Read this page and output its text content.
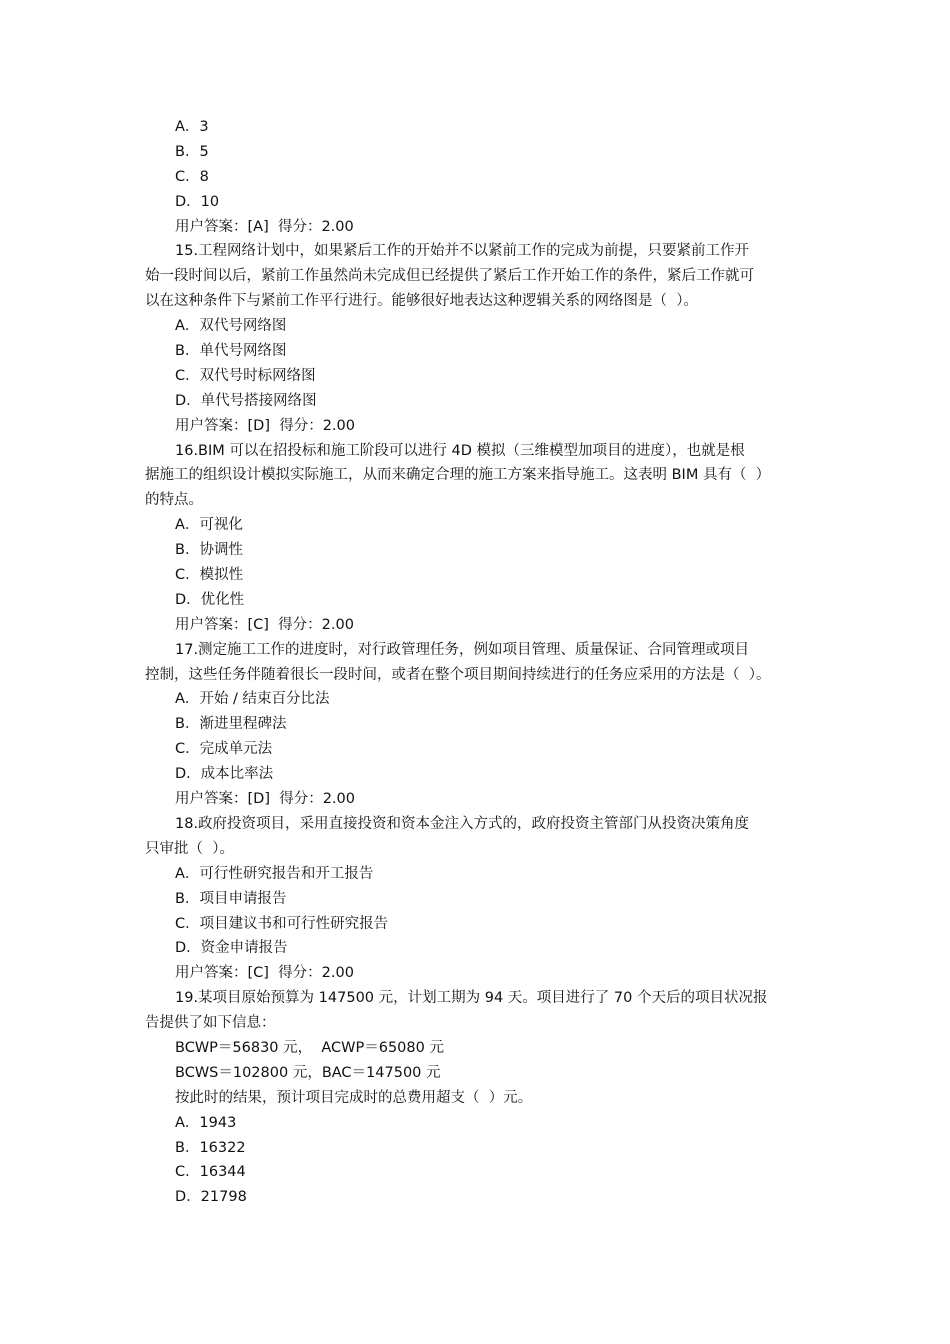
A．3
B．5
C．8
D．10
用户答案：[A]  得分：2.00
15.工程网络计划中，如果紧后工作的开始并不以紧前工作的完成为前提，只要紧前工作开
始一段时间以后，紧前工作虽然尚未完成但已经提供了紧后工作开始工作的条件，紧后工作就可
以在这种条件下与紧前工作平行进行。能够很好地表达这种逻辑关系的网络图是（  ）。
A．双代号网络图
B．单代号网络图
C．双代号时标网络图
D．单代号搭接网络图
用户答案：[D]  得分：2.00
16.BIM 可以在招投标和施工阶段可以进行 4D 模拟（三维模型加项目的进度），也就是根
据施工的组织设计模拟实际施工，从而来确定合理的施工方案来指导施工。这表明 BIM 具有（  ）
的特点。
A．可视化
B．协调性
C．模拟性
D．优化性
用户答案：[C]  得分：2.00
17.测定施工工作的进度时，对行政管理任务，例如项目管理、质量保证、合同管理或项目
控制，这些任务伴随着很长一段时间，或者在整个项目期间持续进行的任务应采用的方法是（  ）。
A．开始 / 结束百分比法
B．渐进里程碑法
C．完成单元法
D．成本比率法
用户答案：[D]  得分：2.00
18.政府投资项目，采用直接投资和资本金注入方式的，政府投资主管部门从投资决策角度
只审批（  ）。
A．可行性研究报告和开工报告
B．项目申请报告
C．项目建议书和可行性研究报告
D．资金申请报告
用户答案：[C]  得分：2.00
19.某项目原始预算为 147500 元，计划工期为 94 天。项目进行了 70 个天后的项目状况报
告提供了如下信息：
BCWP＝56830 元，  ACWP＝65080 元
BCWS＝102800 元，BAC＝147500 元
按此时的结果，预计项目完成时的总费用超支（  ）元。
A．1943
B．16322
C．16344
D．21798
